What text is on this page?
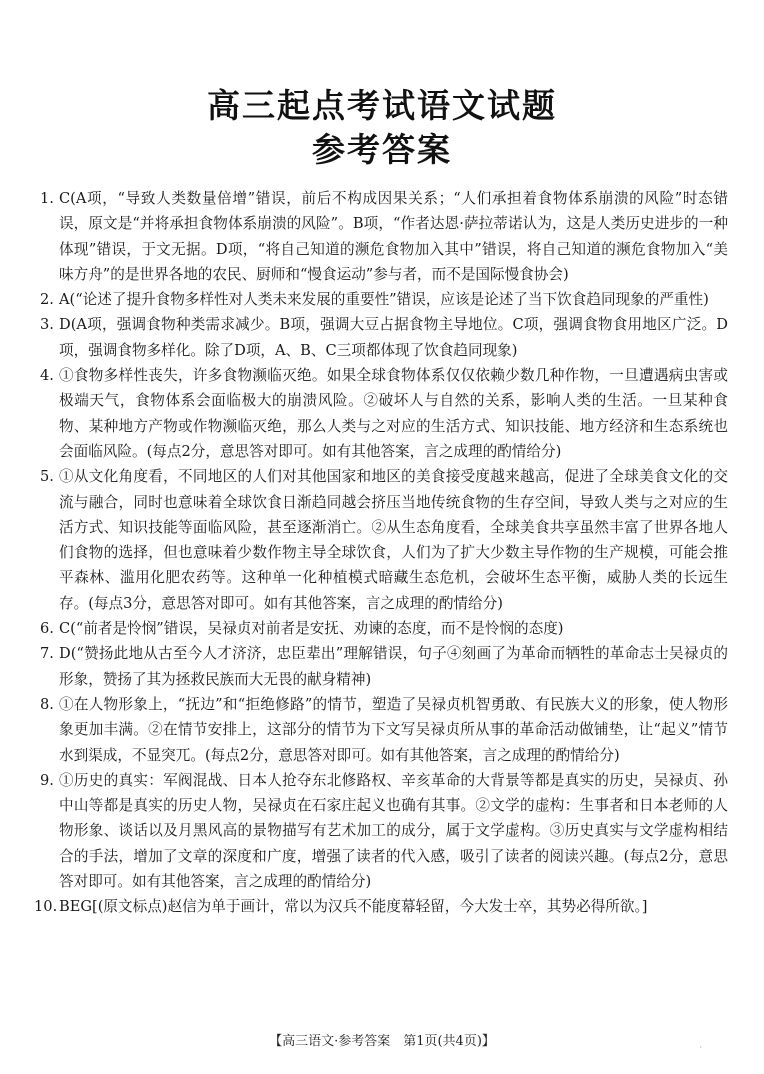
高三起点考试语文试题
参考答案
1. C(A项，“导致人类数量倍增”错误，前后不构成因果关系；“人们承担着食物体系崩溃的风险”时态错误，原文是“并将承担食物体系崩溃的风险”。B项，“作者达恩·萨拉蒂诺认为，这是人类历史进步的一种体现”错误，于文无据。D项，“将自己知道的濒危食物加入其中”错误，将自己知道的濒危食物加入“美味方舟”的是世界各地的农民、厨师和“慢食运动”参与者，而不是国际慢食协会)
2. A(“论述了提升食物多样性对人类未来发展的重要性”错误，应该是论述了当下饮食趋同现象的严重性)
3. D(A项，强调食物种类需求减少。B项，强调大豆占据食物主导地位。C项，强调食物食用地区广泛。D项，强调食物多样化。除了D项，A、B、C三项都体现了饮食趋同现象)
4. ①食物多样性丧失，许多食物濒临灭绝。如果全球食物体系仅仅依赖少数几种作物，一旦遭遇病虫害或极端天气，食物体系会面临极大的崩溃风险。②破坏人与自然的关系，影响人类的生活。一旦某种食物、某种地方产物或作物濒临灭绝，那么人类与之对应的生活方式、知识技能、地方经济和生态系统也会面临风险。(每点2分，意思答对即可。如有其他答案，言之成理的酌情给分)
5. ①从文化角度看，不同地区的人们对其他国家和地区的美食接受度越来越高，促进了全球美食文化的交流与融合，同时也意味着全球饮食日渐趋同越会挤压当地传统食物的生存空间，导致人类与之对应的生活方式、知识技能等面临风险，甚至逐渐消亡。②从生态角度看，全球美食共享虽然丰富了世界各地人们食物的选择，但也意味着少数作物主导全球饮食，人们为了扩大少数主导作物的生产规模，可能会推平森林、滥用化肥农药等。这种单一化种植模式暗藏生态危机，会破坏生态平衡，威胁人类的长远生存。(每点3分，意思答对即可。如有其他答案，言之成理的酌情给分)
6. C(“前者是怜悯”错误，吴禄贞对前者是安抚、劝谏的态度，而不是怜悯的态度)
7. D(“赞扬此地从古至今人才济济，忠臣辈出”理解错误，句子④刻画了为革命而牺牲的革命志士吴禄贞的形象，赞扬了其为拯救民族而大无畏的献身精神)
8. ①在人物形象上，“抚边”和“拒绝修路”的情节，塑造了吴禄贞机智勇敢、有民族大义的形象，使人物形象更加丰满。②在情节安排上，这部分的情节为下文写吴禄贞所从事的革命活动做铺垫，让“起义”情节水到渠成，不显突兀。(每点2分，意思答对即可。如有其他答案，言之成理的酌情给分)
9. ①历史的真实：军阀混战、日本人抢夺东北修路权、辛亥革命的大背景等都是真实的历史，吴禄贞、孙中山等都是真实的历史人物，吴禄贞在石家庄起义也确有其事。②文学的虚构：生事者和日本老师的人物形象、谈话以及月黑风高的景物描写有艺术加工的成分，属于文学虚构。③历史真实与文学虚构相结合的手法，增加了文章的深度和广度，增强了读者的代入感，吸引了读者的阅读兴趣。(每点2分，意思答对即可。如有其他答案，言之成理的酌情给分)
10. BEG[(原文标点)赵信为单于画计，常以为汉兵不能度幕轻留，今大发士卒，其势必得所欲。]
【高三语文·参考答案　第1页(共4页)】	·
